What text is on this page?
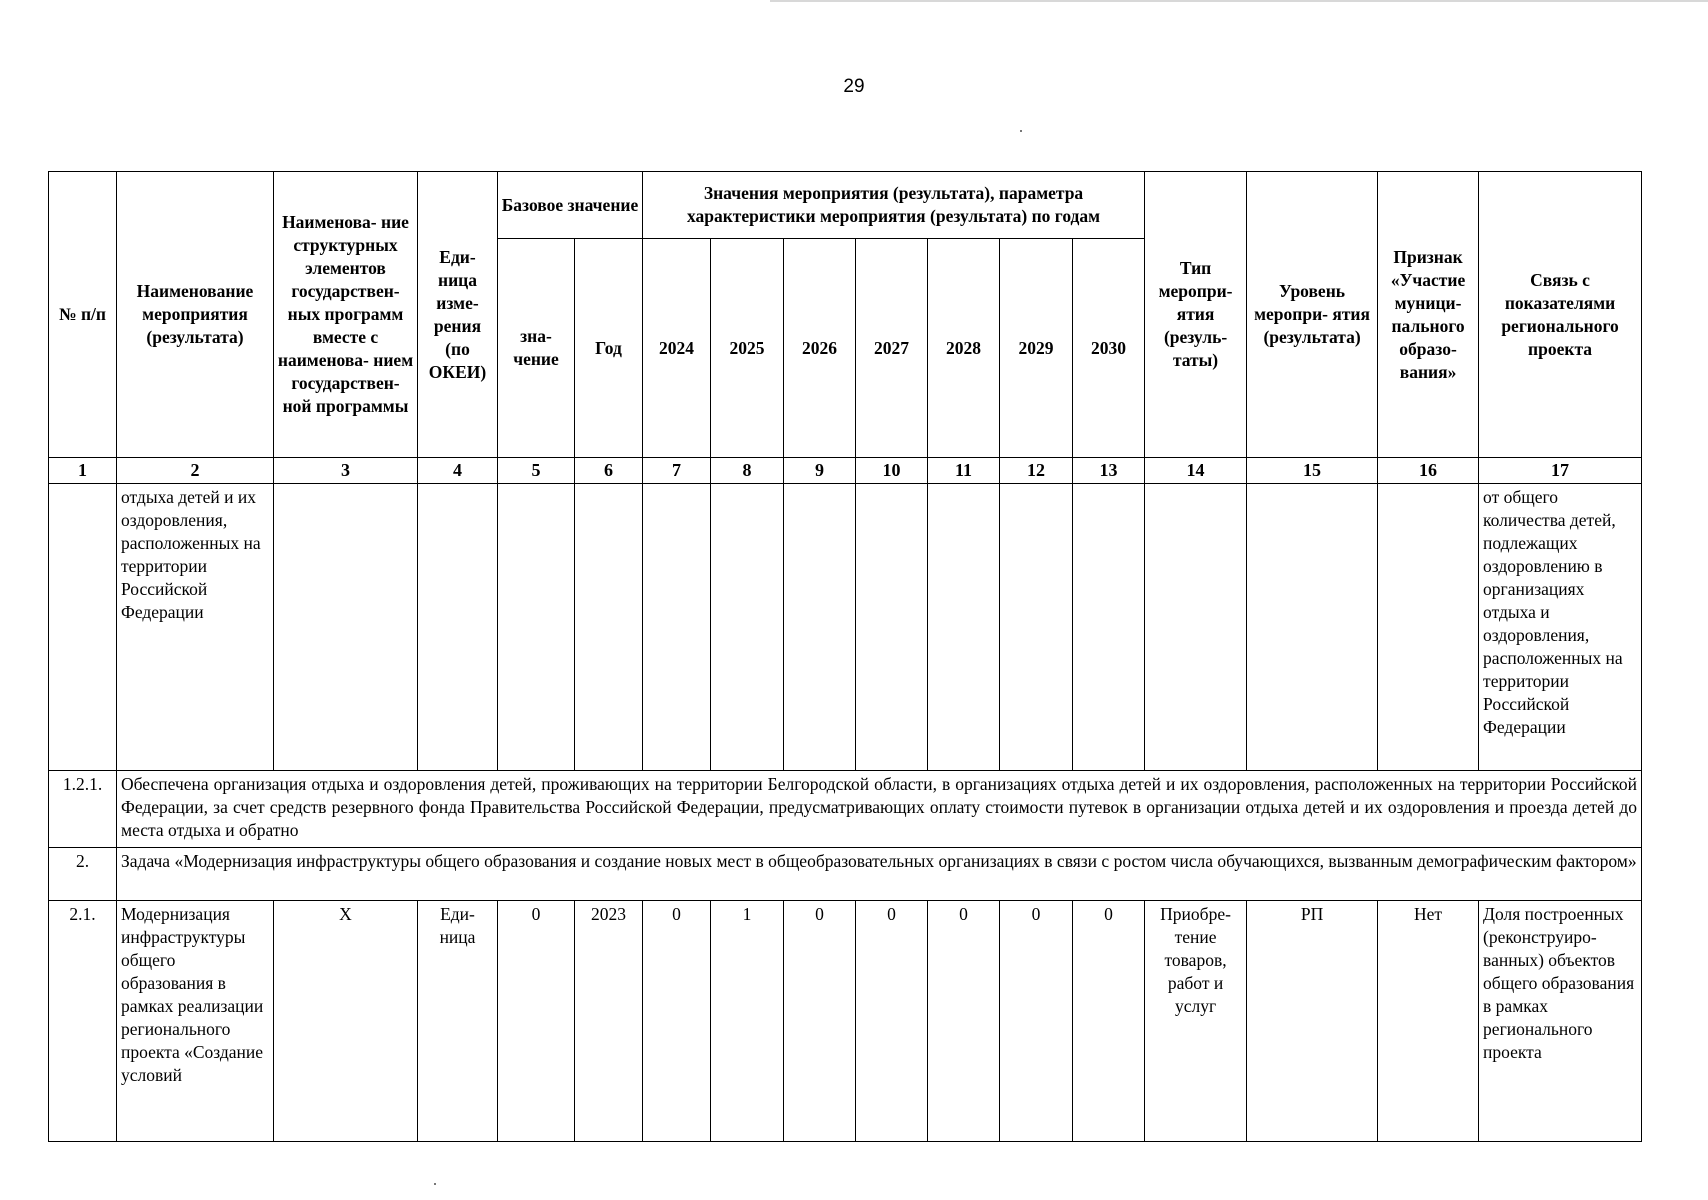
29
№ п/п	Наименование мероприятия (результата)	Наименова- ние структурных элементов государствен- ных программ вместе с наименова- нием государствен- ной программы	Еди- ница изме- рения (по ОКЕИ)	Базовое значение		Значения мероприятия (результата), параметра характеристики мероприятия (результата) по годам							Тип меропри- ятия (резуль- таты)	Уровень меропри- ятия (результата)	Признак «Участие муници- пального образо- вания»	Связь с показателями регионального проекта
				зна- чение	Год	2024	2025	2026	2027	2028	2029	2030				
1	2	3	4	5	6	7	8	9	10	11	12	13	14	15	16	17
	отдыха детей и их оздоровления, расположенных на территории Российской Федерации															от общего количества детей, подлежащих оздоровлению в организациях отдыха и оздоровления, расположенных на территории Российской Федерации
1.2.1.	Обеспечена организация отдыха и оздоровления детей, проживающих на территории Белгородской области, в организациях отдыха детей и их оздоровления, расположенных на территории Российской Федерации, за счет средств резервного фонда Правительства Российской Федерации, предусматривающих оплату стоимости путевок в организации отдыха детей и их оздоровления и проезда детей до места отдыха и обратно															
2.	Задача «Модернизация инфраструктуры общего образования и создание новых мест в общеобразовательных организациях в связи с ростом числа обучающихся, вызванным демографическим фактором»															
2.1.	Модернизация инфраструктуры общего образования в рамках реализации регионального проекта «Создание условий	X	Еди- ница	0	2023	0	1	0	0	0	0	0	Приобре- тение товаров, работ и услуг	РП	Нет	Доля построенных (реконструиро- ванных) объектов общего образования в рамках регионального проекта
